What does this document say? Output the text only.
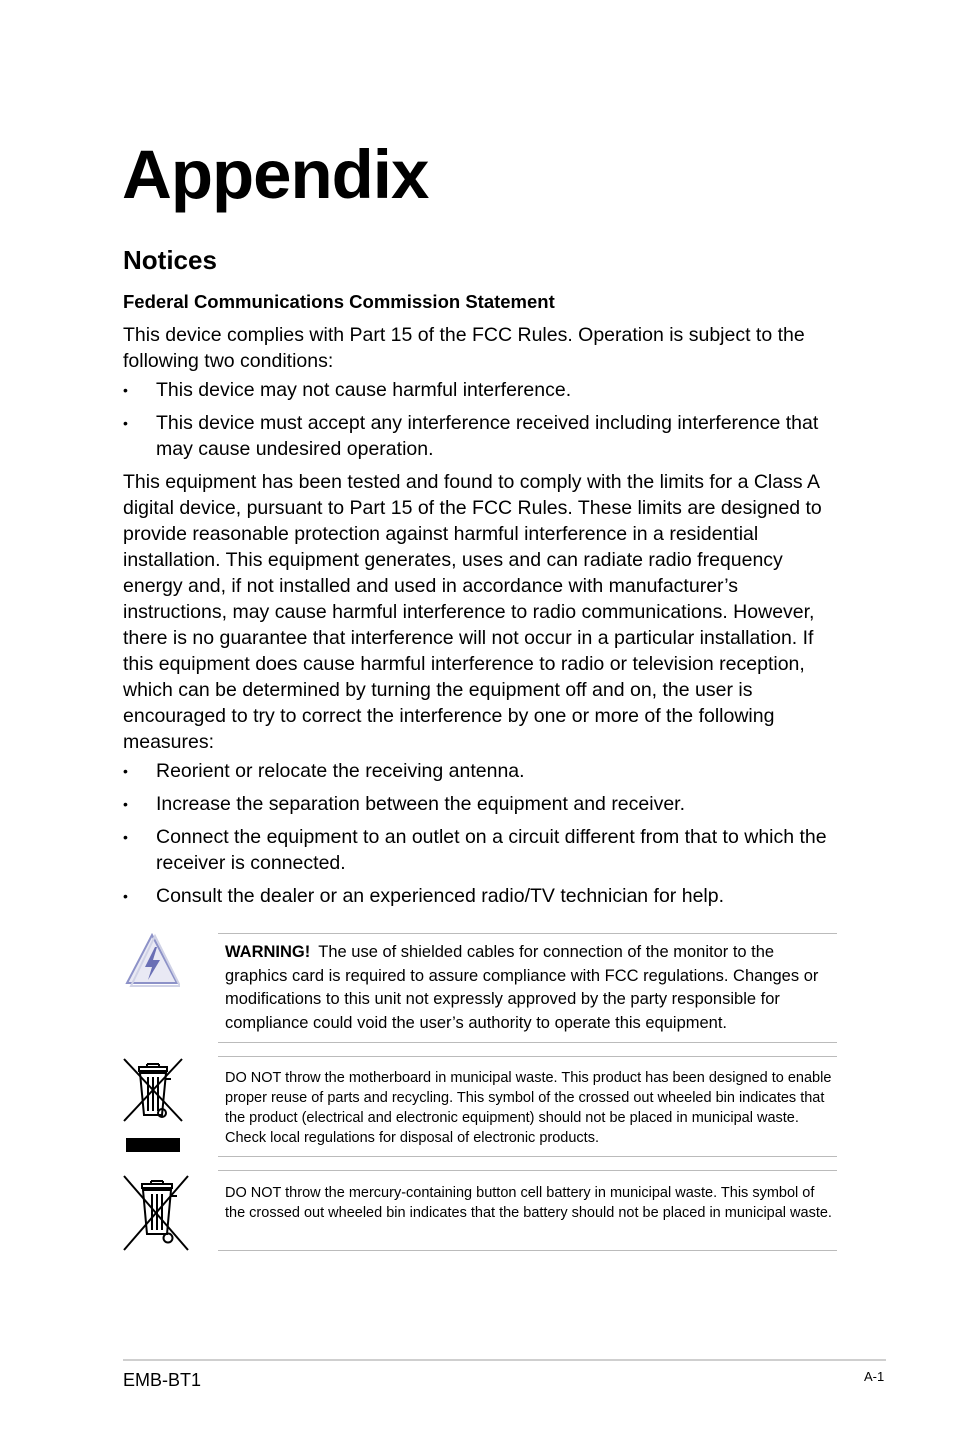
Appendix
Notices
Federal Communications Commission Statement

This device complies with Part 15 of the FCC Rules. Operation is subject to the following two conditions:

• This device may not cause harmful interference.
• This device must accept any interference received including interference that may cause undesired operation.

This equipment has been tested and found to comply with the limits for a Class A digital device, pursuant to Part 15 of the FCC Rules. These limits are designed to provide reasonable protection against harmful interference in a residential installation. This equipment generates, uses and can radiate radio frequency energy and, if not installed and used in accordance with manufacturer’s instructions, may cause harmful interference to radio communications. However, there is no guarantee that interference will not occur in a particular installation. If this equipment does cause harmful interference to radio or television reception, which can be determined by turning the equipment off and on, the user is encouraged to try to correct the interference by one or more of the following measures:

• Reorient or relocate the receiving antenna.
• Increase the separation between the equipment and receiver.
• Connect the equipment to an outlet on a circuit different from that to which the receiver is connected.
• Consult the dealer or an experienced radio/TV technician for help.

WARNING! The use of shielded cables for connection of the monitor to the graphics card is required to assure compliance with FCC regulations. Changes or modifications to this unit not expressly approved by the party responsible for compliance could void the user’s authority to operate this equipment.

DO NOT throw the motherboard in municipal waste. This product has been designed to enable proper reuse of parts and recycling. This symbol of the crossed out wheeled bin indicates that the product (electrical and electronic equipment) should not be placed in municipal waste. Check local regulations for disposal of electronic products.

DO NOT throw the mercury-containing button cell battery in municipal waste. This symbol of the crossed out wheeled bin indicates that the battery should not be placed in municipal waste.

EMB-BT1	A-1
